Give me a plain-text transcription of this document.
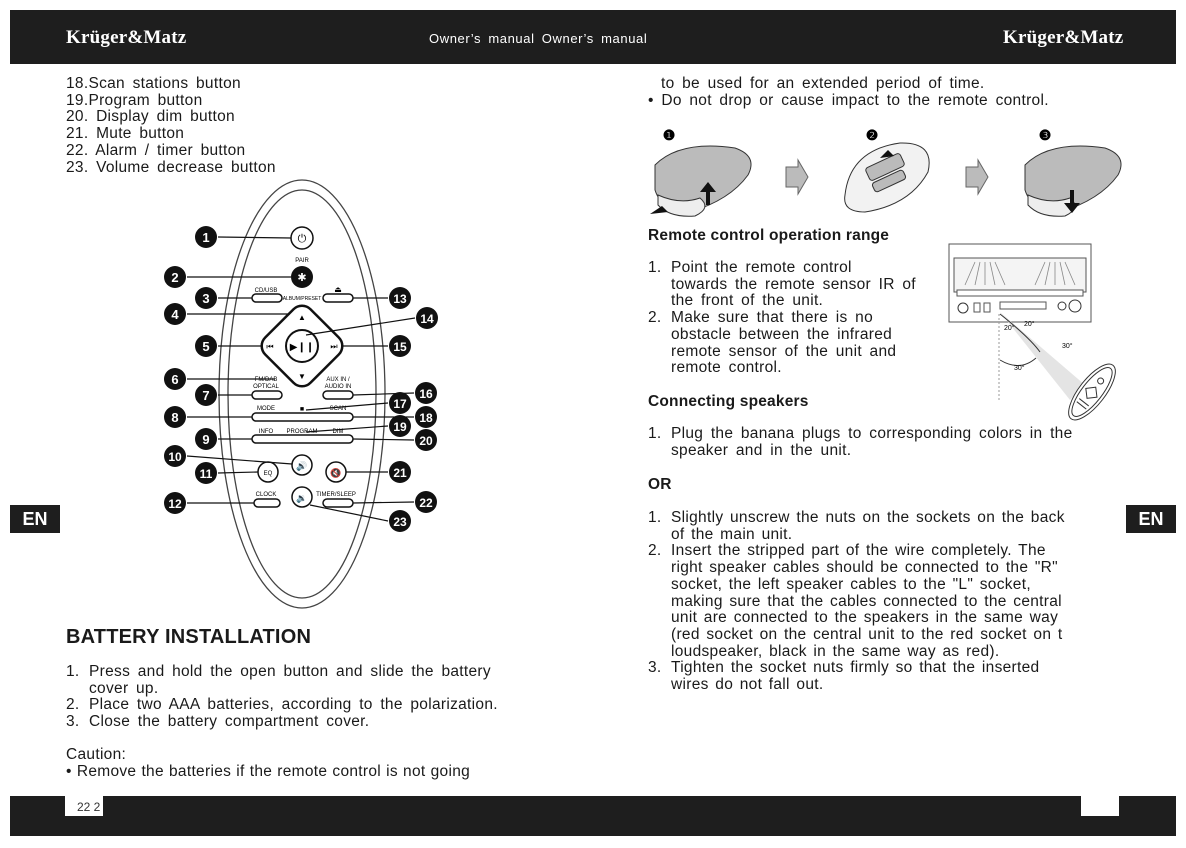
Krüger&Matz	Owner’s manual Owner’s manual	Krüger&Matz
EN	EN
22 2
18.Scan stations button
19.Program button
20. Display dim button
21. Mute button
22. Alarm / timer button
23. Volume decrease button
⏻
PAIR
✱
CD/USB
ALBUM/PRESET
⏏
▶❙❙
▲
▼
⏮	⏭
FM/DAB
OPTICAL
AUX IN /
AUDIO IN
MODE	■	SCAN
INFO PROGRAM DIM
🔊
EQ	🔇
CLOCK 🔉 TIMER/SLEEP
1
2
3
4
5
6
7
8
9
10
11
12
13
14
15
16
17
18
19
20
21
22
23
BATTERY INSTALLATION
1. Press and hold the open button and slide the battery
cover up.
2. Place two AAA batteries, according to the polarization.
3. Close the battery compartment cover.
Caution:
• Remove the batteries if the remote control is not going
to be used for an extended period of time.
• Do not drop or cause impact to the remote control.
❶	❷	❸
Remote control operation range
1. Point the remote control
towards the remote sensor IR of
the front of the unit.
2. Make sure that there is no
obstacle between the infrared
remote sensor of the unit and
remote control.
20°
20°
30°
30°
Connecting speakers
1. Plug the banana plugs to corresponding colors in the
speaker and in the unit.
OR
1. Slightly unscrew the nuts on the sockets on the back
of the main unit.
2. Insert the stripped part of the wire completely. The
right speaker cables should be connected to the "R"
socket, the left speaker cables to the "L" socket,
making sure that the cables connected to the central
unit are connected to the speakers in the same way
(red socket on the central unit to the red socket on t
loudspeaker, black in the same way as red).
3. Tighten the socket nuts firmly so that the inserted
wires do not fall out.
